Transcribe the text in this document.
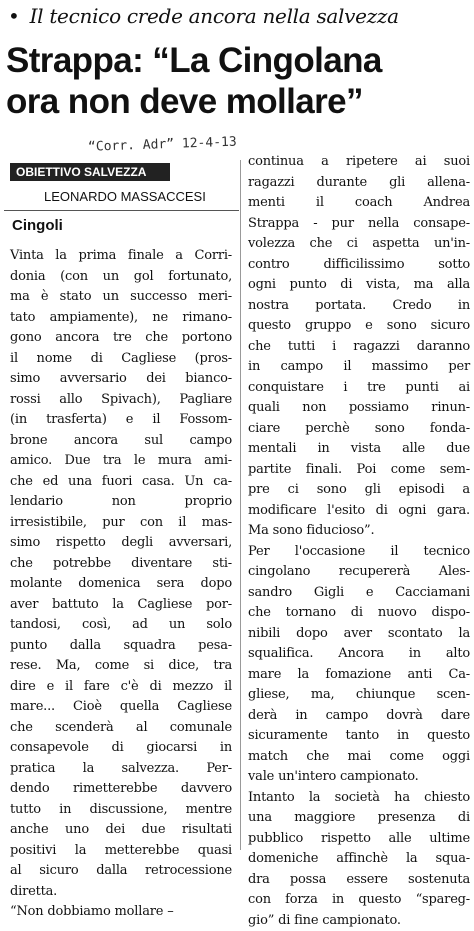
• Il tecnico crede ancora nella salvezza
Strappa: “La Cingolana
ora non deve mollare”
“Corr. Adr” 12-4-13
OBIETTIVO SALVEZZA
LEONARDO MASSACCESI
Cingoli
Vinta la prima finale a Corri-
donia (con un gol fortunato,
ma è stato un successo meri-
tato ampiamente), ne rimano-
gono ancora tre che portono
il nome di Cagliese (pros-
simo avversario dei bianco-
rossi allo Spivach), Pagliare
(in trasferta) e il Fossom-
brone ancora sul campo
amico. Due tra le mura ami-
che ed una fuori casa. Un ca-
lendario non proprio
irresistibile, pur con il mas-
simo rispetto degli avversari,
che potrebbe diventare sti-
molante domenica sera dopo
aver battuto la Cagliese por-
tandosi, così, ad un solo
punto dalla squadra pesa-
rese. Ma, come si dice, tra
dire e il fare c'è di mezzo il
mare... Cioè quella Cagliese
che scenderà al comunale
consapevole di giocarsi in
pratica la salvezza. Per-
dendo rimetterebbe davvero
tutto in discussione, mentre
anche uno dei due risultati
positivi la metterebbe quasi
al sicuro dalla retrocessione
diretta.
“Non dobbiamo mollare –
continua a ripetere ai suoi
ragazzi durante gli allena-
menti il coach Andrea
Strappa - pur nella consape-
volezza che ci aspetta un'in-
contro difficilissimo sotto
ogni punto di vista, ma alla
nostra portata. Credo in
questo gruppo e sono sicuro
che tutti i ragazzi daranno
in campo il massimo per
conquistare i tre punti ai
quali non possiamo rinun-
ciare perchè sono fonda-
mentali in vista alle due
partite finali. Poi come sem-
pre ci sono gli episodi a
modificare l'esito di ogni gara.
Ma sono fiducioso”.
Per l'occasione il tecnico
cingolano recupererà Ales-
sandro Gigli e Cacciamani
che tornano di nuovo dispo-
nibili dopo aver scontato la
squalifica. Ancora in alto
mare la fomazione anti Ca-
gliese, ma, chiunque scen-
derà in campo dovrà dare
sicuramente tanto in questo
match che mai come oggi
vale un'intero campionato.
Intanto la società ha chiesto
una maggiore presenza di
pubblico rispetto alle ultime
domeniche affinchè la squa-
dra possa essere sostenuta
con forza in questo “spareg-
gio” di fine campionato.
